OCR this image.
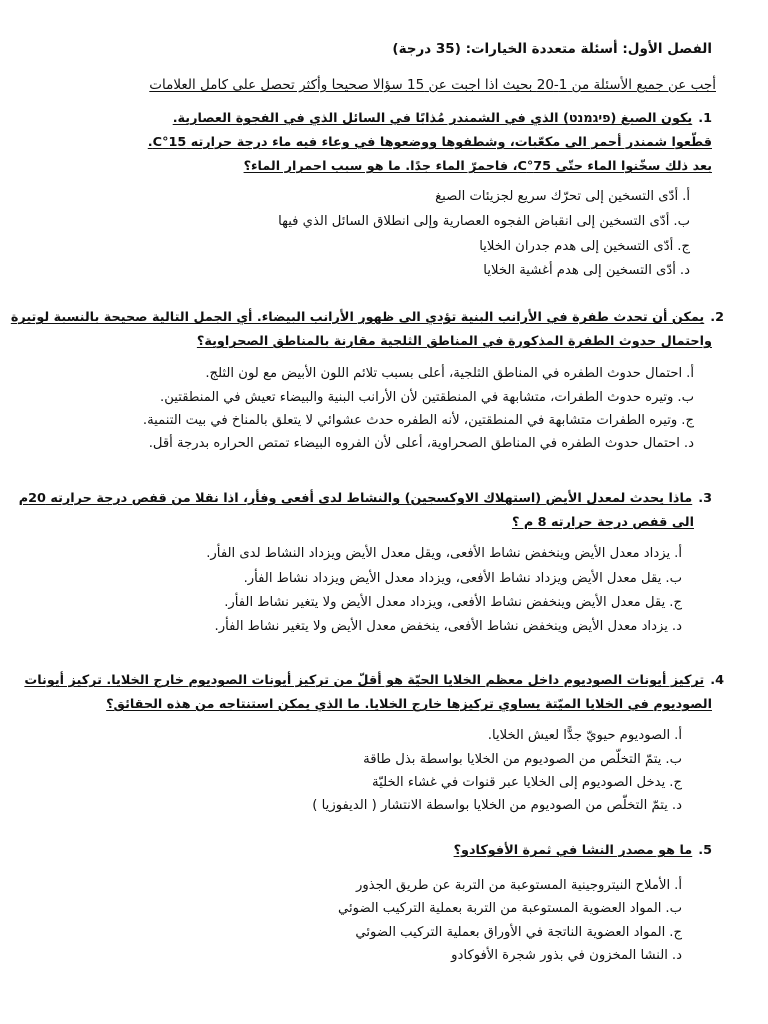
الفصل الأول: أسئلة متعددة الخيارات: (35 درجة)
أجب عن جميع الأسئلة من 1-20 بحيث اذا اجبت عن 15 سؤالا صحيحا وأكثر تحصل على كامل العلامات
1.يكون الصبغ (פיגמנט) الذي في الشمندر مُذابًا في السائل الذي في الفجوة العصارية.
قطّعوا شمندر أحمر الى مكعّبات، وشطفوها ووضعوها في وعاء فيه ماء درجة حرارته 15°C.
بعد ذلك سخّنوا الماء حتّى 75°C، فاحمرّ الماء جدًا. ما هو سبب احمرار الماء؟
أ.أدّى التسخين إلى تحرّك سريع لجزيئات الصبغ
ب.أدّى التسخين إلى انقباض الفجوه العصارية وإلى انطلاق السائل الذي فيها
ج.أدّى التسخين إلى هدم جدران الخلايا
د.أدّى التسخين إلى هدم أغشية الخلايا
2.يمكن أن تحدث طفرة في الأرانب البنية تؤدي الى ظهور الأرانب البيضاء. أي الجمل التالية صحيحة بالنسبة لوتيرة
واحتمال حدوث الطفرة المذكورة في المناطق الثلجية مقارنة بالمناطق الصحراوية؟
أ.احتمال حدوث الطفره في المناطق الثلجية، أعلى بسبب تلائم اللون الأبيض مع لون الثلج.
ب.وتيره حدوث الطفرات، متشابهة في المنطقتين لأن الأرانب البنية والبيضاء تعيش في المنطقتين.
ج.وتيره الطفرات متشابهة في المنطقتين، لأنه الطفره حدث عشوائي لا يتعلق بالمناخ في بيت التنمية.
د.احتمال حدوث الطفره في المناطق الصحراوية، أعلى لأن الفروه البيضاء تمتص الحراره بدرجة أقل.
3.ماذا يحدث لمعدل الأيض (استهلاك الاوكسجين) والنشاط لدى أفعى وفأر، اذا نقلا من قفص درجة حرارته 20م
الى قفص درجة حرارته 8 م ؟
أ.يزداد معدل الأيض وينخفض نشاط الأفعى، ويقل معدل الأيض ويزداد النشاط لدى الفأر.
ب.يقل معدل الأيض ويزداد نشاط الأفعى، ويزداد معدل الأيض ويزداد نشاط الفأر.
ج.يقل معدل الأيض وينخفض نشاط الأفعى، ويزداد معدل الأيض ولا يتغير نشاط الفأر.
د.يزداد معدل الأيض وينخفض نشاط الأفعى، ينخفض معدل الأيض ولا يتغير نشاط الفأر.
4.تركيز أيونات الصوديوم داخل معظم الخلايا الحيّة هو أقلّ من تركيز أيونات الصوديوم خارج الخلايا. تركيز أيونات
الصوديوم في الخلايا الميّتة يساوي تركيزها خارج الخلايا. ما الذي يمكن استنتاجه من هذه الحقائق؟
أ.الصوديوم حيويّ جدًّا لعيش الخلايا.
ب.يتمّ التخلّص من الصوديوم من الخلايا بواسطة بذل طاقة
ج.يدخل الصوديوم إلى الخلايا عبر قنوات في غشاء الخليّة
د.يتمّ التخلّص من الصوديوم من الخلايا بواسطة الانتشار ( الديفوزيا )
5.ما هو مصدر النشا في ثمرة الأفوكادو؟
أ.الأملاح النيتروجينية المستوعبة من التربة عن طريق الجذور
ب.المواد العضوية المستوعبة من التربة بعملية التركيب الضوئي
ج.المواد العضوية الناتجة في الأوراق بعملية التركيب الضوئي
د.النشا المخزون في بذور شجرة الأفوكادو
